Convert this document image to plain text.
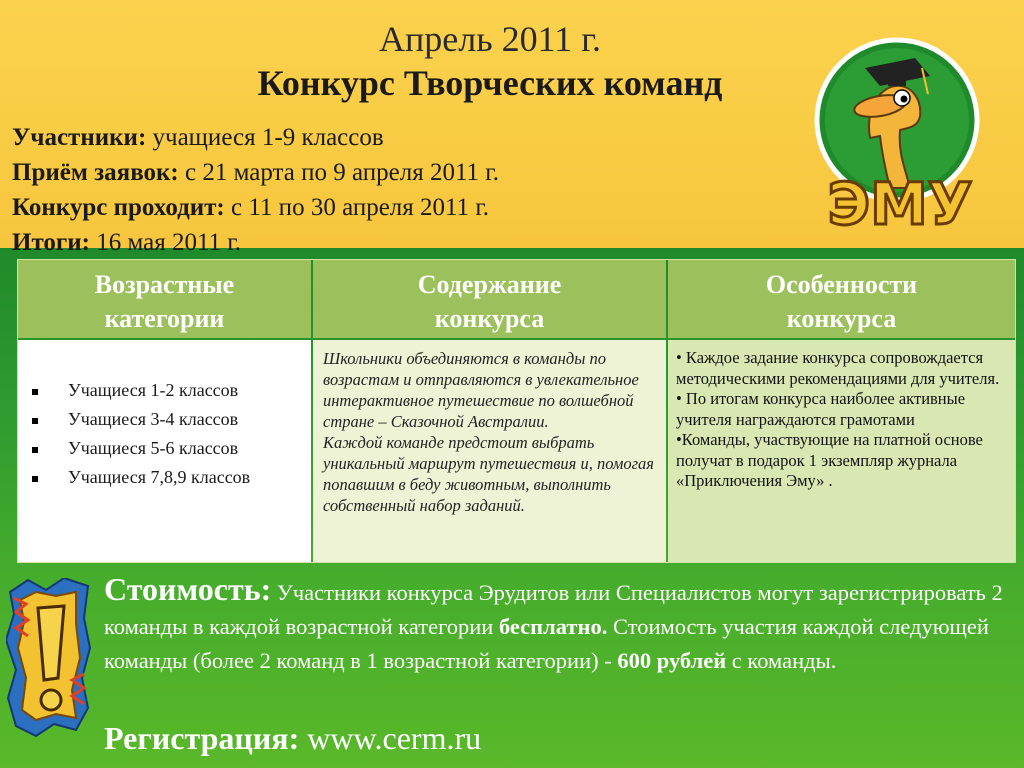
Апрель 2011 г.
Конкурс Творческих команд
Участники: учащиеся 1-9 классов
Приём заявок: с 21 марта по 9 апреля 2011 г.
Конкурс проходит: с 11 по 30 апреля 2011 г.
Итоги: 16 мая 2011 г.
ЭМУ
Возрастные
категории
Содержание
конкурса
Особенности
конкурса
Учащиеся 1-2 классов
Учащиеся 3-4 классов
Учащиеся 5-6 классов
Учащиеся 7,8,9 классов
Школьники объединяются в команды по возрастам и отправляются в увлекательное интерактивное путешествие по волшебной стране – Сказочной Австралии.
Каждой команде предстоит выбрать уникальный маршрут путешествия и, помогая попавшим в беду животным, выполнить собственный набор заданий.
• Каждое задание конкурса сопровождается методическими рекомендациями для учителя.
• По итогам конкурса наиболее активные учителя награждаются грамотами
•Команды, участвующие на платной основе получат в подарок 1 экземпляр журнала «Приключения Эму» .
Стоимость: Участники конкурса Эрудитов или Специалистов могут зарегистрировать 2 команды в каждой возрастной категории бесплатно. Стоимость участия каждой следующей команды (более 2 команд в 1 возрастной категории) - 600 рублей с команды.
Регистрация: www.cerm.ru
